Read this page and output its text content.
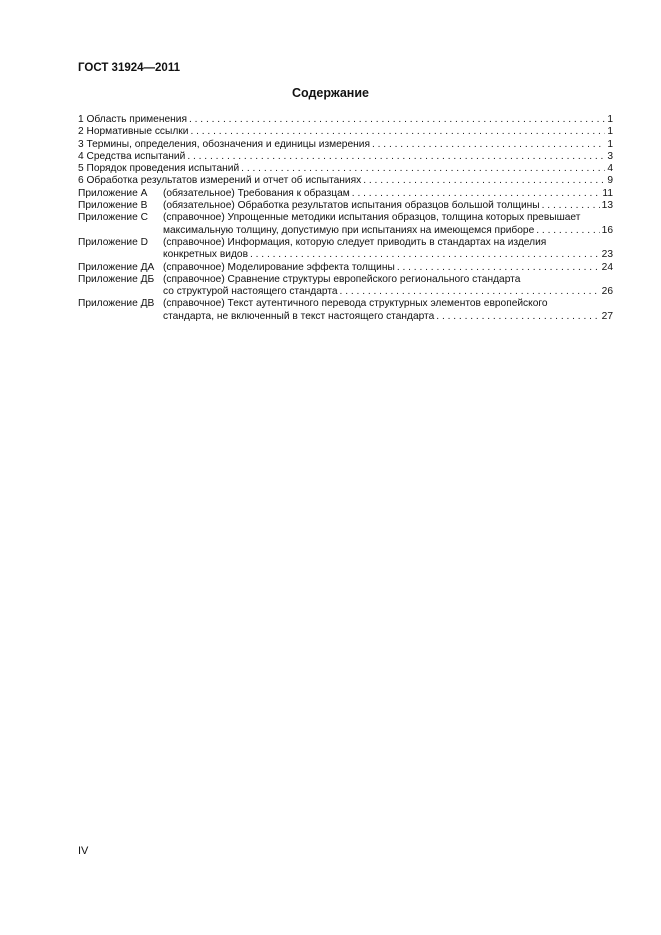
ГОСТ 31924—2011
Содержание
1 Область применения . . .	1
2 Нормативные ссылки . . .	1
3 Термины, определения, обозначения и единицы измерения . . .	1
4 Средства испытаний . . .	3
5 Порядок проведения испытаний . . .	4
6 Обработка результатов измерений и отчет об испытаниях . . .	9
Приложение А	(обязательное) Требования к образцам . . .	11
Приложение В	(обязательное) Обработка результатов испытания образцов большой толщины . . .	13
Приложение С	(справочное) Упрощенные методики испытания образцов, толщина которых превышает
максимальную толщину, допустимую при испытаниях на имеющемся приборе . . .	16
Приложение D	(справочное) Информация, которую следует приводить в стандартах на изделия
конкретных видов . . .	23
Приложение ДА (справочное) Моделирование эффекта толщины . . .	24
Приложение ДБ (справочное) Сравнение структуры европейского регионального стандарта
со структурой настоящего стандарта . . .	26
Приложение ДВ (справочное) Текст аутентичного перевода структурных элементов европейского
стандарта, не включенный в текст настоящего стандарта . . .	27
IV
